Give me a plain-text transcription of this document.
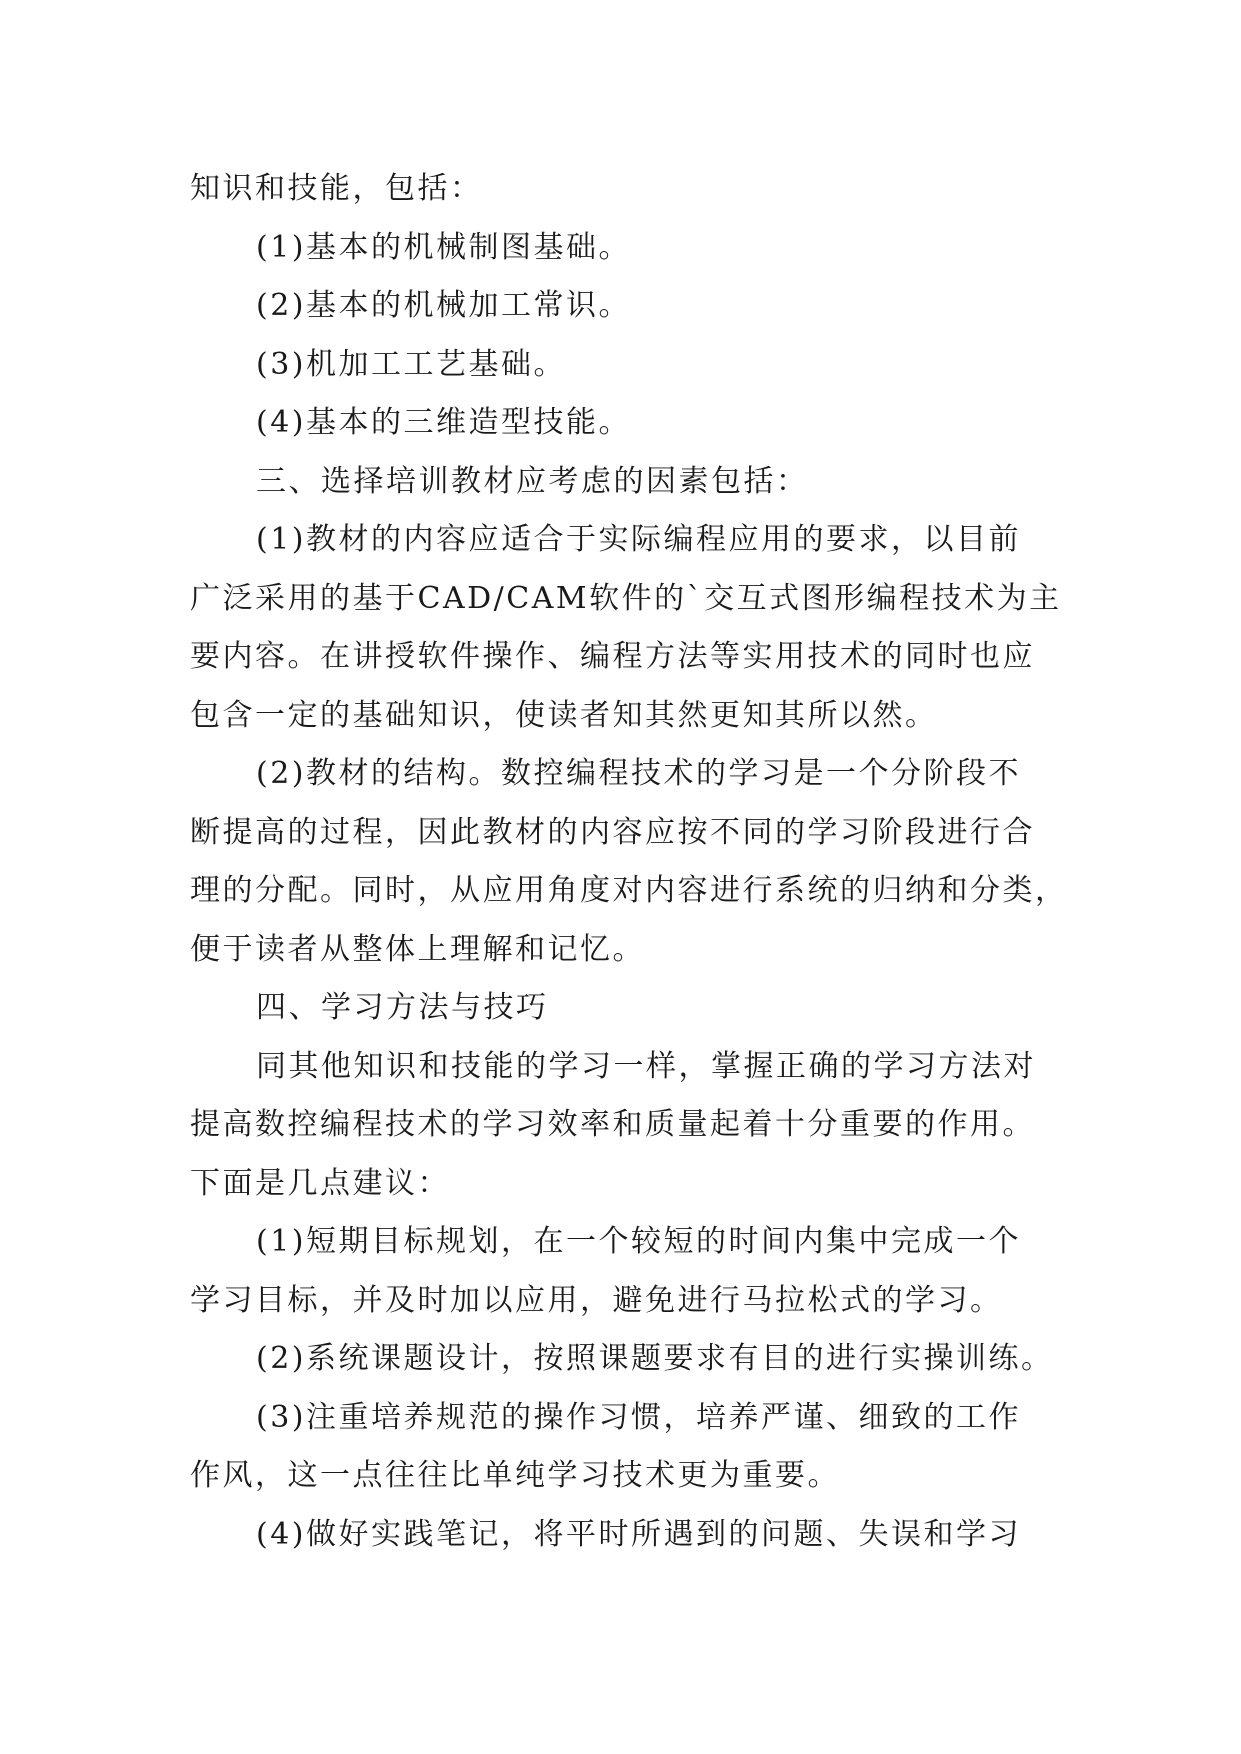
知识和技能，包括：
(1)基本的机械制图基础。
(2)基本的机械加工常识。
(3)机加工工艺基础。
(4)基本的三维造型技能。
三、选择培训教材应考虑的因素包括：
(1)教材的内容应适合于实际编程应用的要求，以目前
广泛采用的基于CAD/CAM软件的`交互式图形编程技术为主
要内容。在讲授软件操作、编程方法等实用技术的同时也应
包含一定的基础知识，使读者知其然更知其所以然。
(2)教材的结构。数控编程技术的学习是一个分阶段不
断提高的过程，因此教材的内容应按不同的学习阶段进行合
理的分配。同时，从应用角度对内容进行系统的归纳和分类，
便于读者从整体上理解和记忆。
四、学习方法与技巧
同其他知识和技能的学习一样，掌握正确的学习方法对
提高数控编程技术的学习效率和质量起着十分重要的作用。
下面是几点建议：
(1)短期目标规划，在一个较短的时间内集中完成一个
学习目标，并及时加以应用，避免进行马拉松式的学习。
(2)系统课题设计，按照课题要求有目的进行实操训练。
(3)注重培养规范的操作习惯，培养严谨、细致的工作
作风，这一点往往比单纯学习技术更为重要。
(4)做好实践笔记，将平时所遇到的问题、失误和学习
